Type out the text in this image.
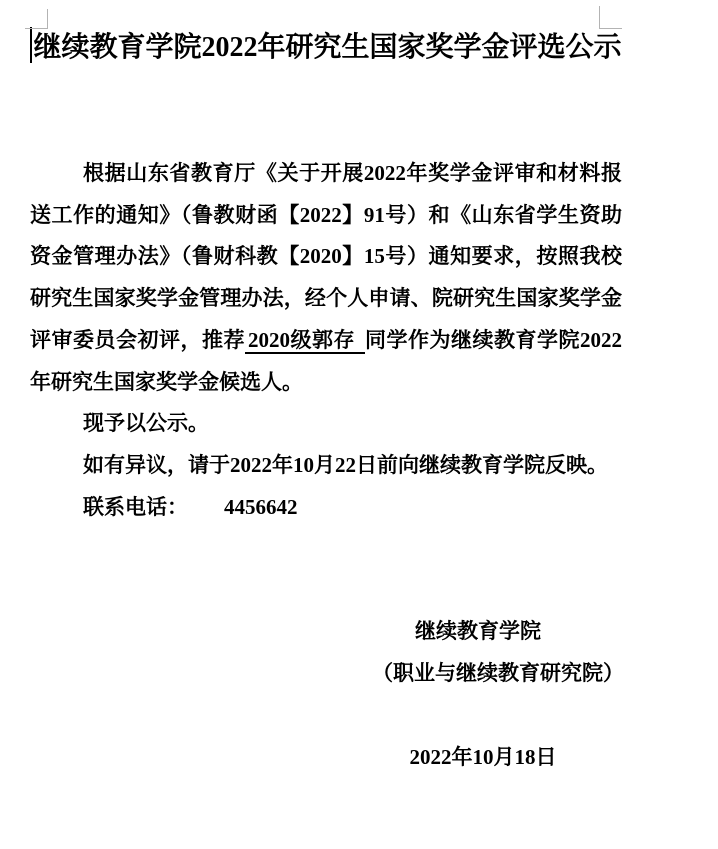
继续教育学院2022年研究生国家奖学金评选公示

根据山东省教育厅《关于开展2022年奖学金评审和材料报送工作的通知》（鲁教财函【2022】91号）和《山东省学生资助资金管理办法》（鲁财科教【2020】15号）通知要求，按照我校研究生国家奖学金管理办法，经个人申请、院研究生国家奖学金评审委员会初评，推荐 2020级郭存 同学作为继续教育学院2022年研究生国家奖学金候选人。

现予以公示。

如有异议，请于2022年10月22日前向继续教育学院反映。

联系电话： 4456642

继续教育学院
（职业与继续教育研究院）
2022年10月18日
